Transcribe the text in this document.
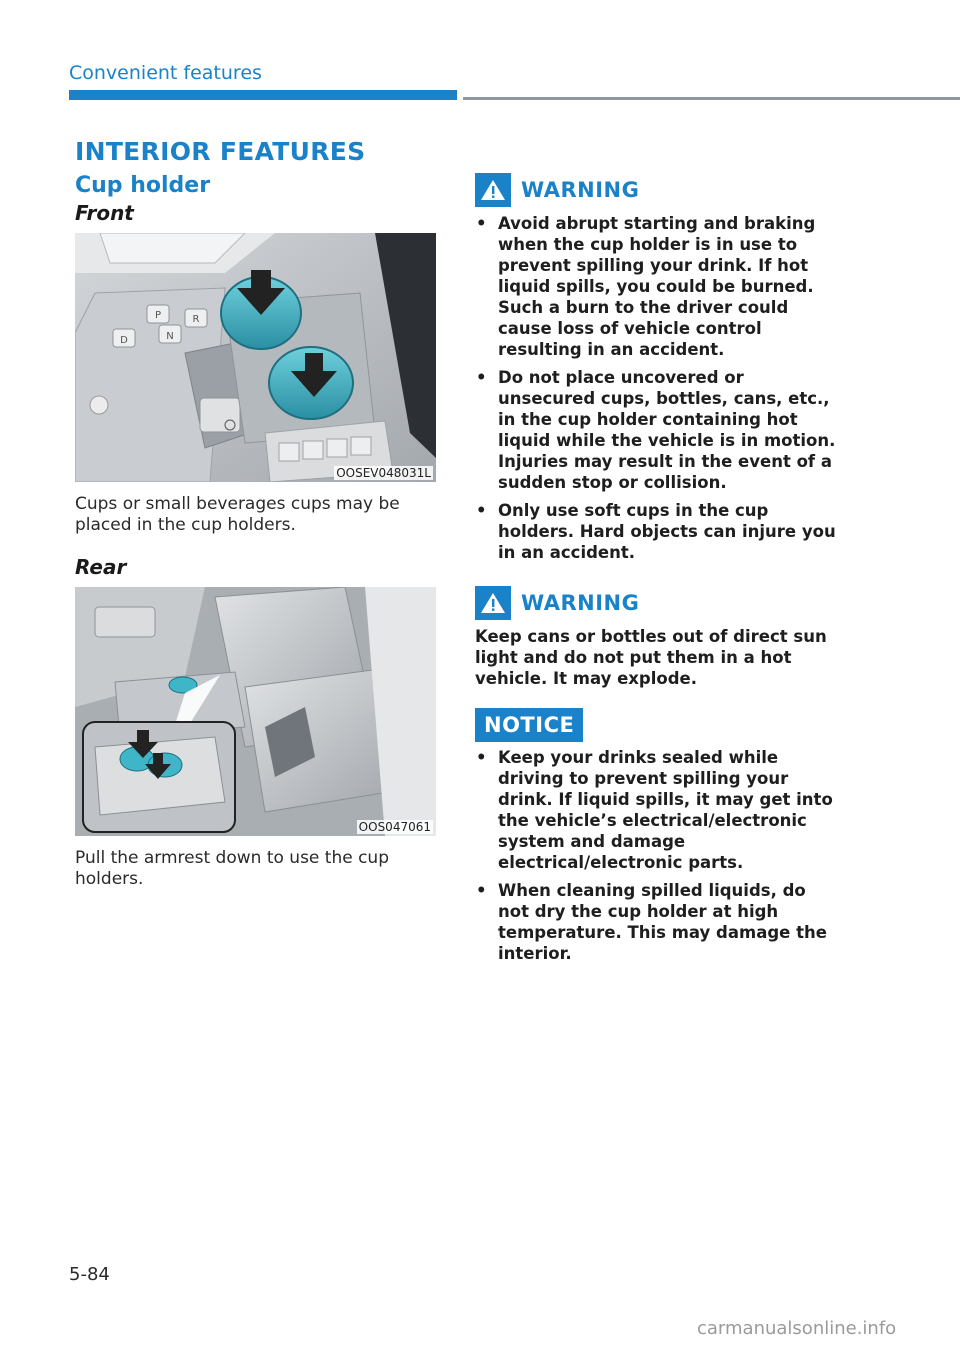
Convenient features
INTERIOR FEATURES
Cup holder
Front
D
P
N
R
OOSEV048031L
Cups or small beverages cups may be placed in the cup holders.
Rear
OOS047061
Pull the armrest down to use the cup holders.
WARNING
• Avoid abrupt starting and braking when the cup holder is in use to prevent spilling your drink. If hot liquid spills, you could be burned. Such a burn to the driver could cause loss of vehicle control resulting in an accident.
• Do not place uncovered or unsecured cups, bottles, cans, etc., in the cup holder containing hot liquid while the vehicle is in motion. Injuries may result in the event of a sudden stop or collision.
• Only use soft cups in the cup holders. Hard objects can injure you in an accident.
WARNING
Keep cans or bottles out of direct sun light and do not put them in a hot vehicle. It may explode.
NOTICE
• Keep your drinks sealed while driving to prevent spilling your drink. If liquid spills, it may get into the vehicle’s electrical/electronic system and damage electrical/electronic parts.
• When cleaning spilled liquids, do not dry the cup holder at high temperature. This may damage the interior.
5-84
carmanualsonline.info
